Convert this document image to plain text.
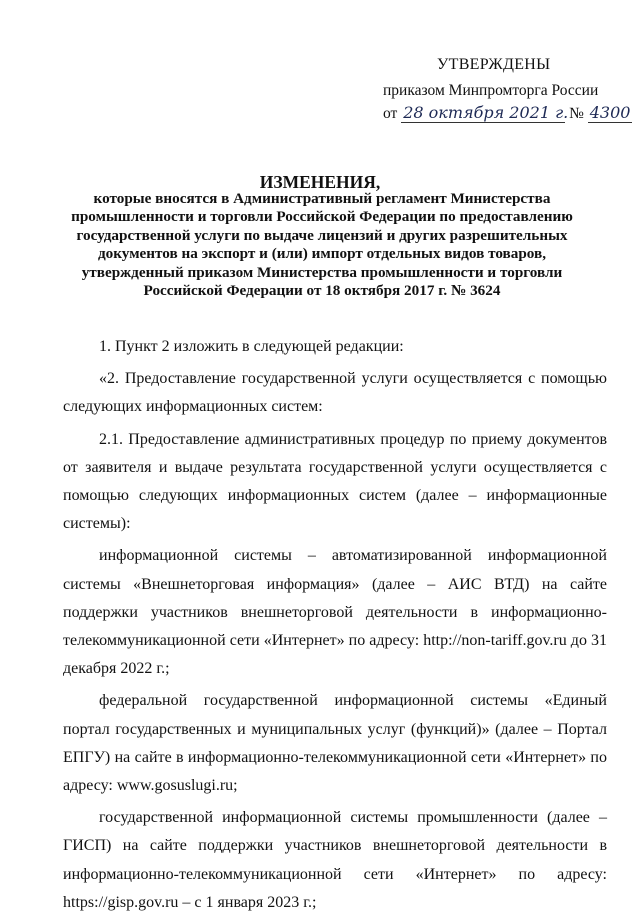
УТВЕРЖДЕНЫ
приказом Минпромторга России
от 28 октября 2021 г. № 4300
ИЗМЕНЕНИЯ,
которые вносятся в Административный регламент Министерства промышленности и торговли Российской Федерации по предоставлению государственной услуги по выдаче лицензий и других разрешительных документов на экспорт и (или) импорт отдельных видов товаров, утвержденный приказом Министерства промышленности и торговли Российской Федерации от 18 октября 2017 г. № 3624

1. Пункт 2 изложить в следующей редакции:

«2. Предоставление государственной услуги осуществляется с помощью следующих информационных систем:

2.1. Предоставление административных процедур по приему документов от заявителя и выдаче результата государственной услуги осуществляется с помощью следующих информационных систем (далее – информационные системы):

информационной системы – автоматизированной информационной системы «Внешнеторговая информация» (далее – АИС ВТД) на сайте поддержки участников внешнеторговой деятельности в информационно-телекоммуникационной сети «Интернет» по адресу: http://non-tariff.gov.ru до 31 декабря 2022 г.;

федеральной государственной информационной системы «Единый портал государственных и муниципальных услуг (функций)» (далее – Портал ЕПГУ) на сайте в информационно-телекоммуникационной сети «Интернет» по адресу: www.gosuslugi.ru;

государственной информационной системы промышленности (далее – ГИСП) на сайте поддержки участников внешнеторговой деятельности в информационно-телекоммуникационной сети «Интернет» по адресу: https://gisp.gov.ru – с 1 января 2023 г.;
